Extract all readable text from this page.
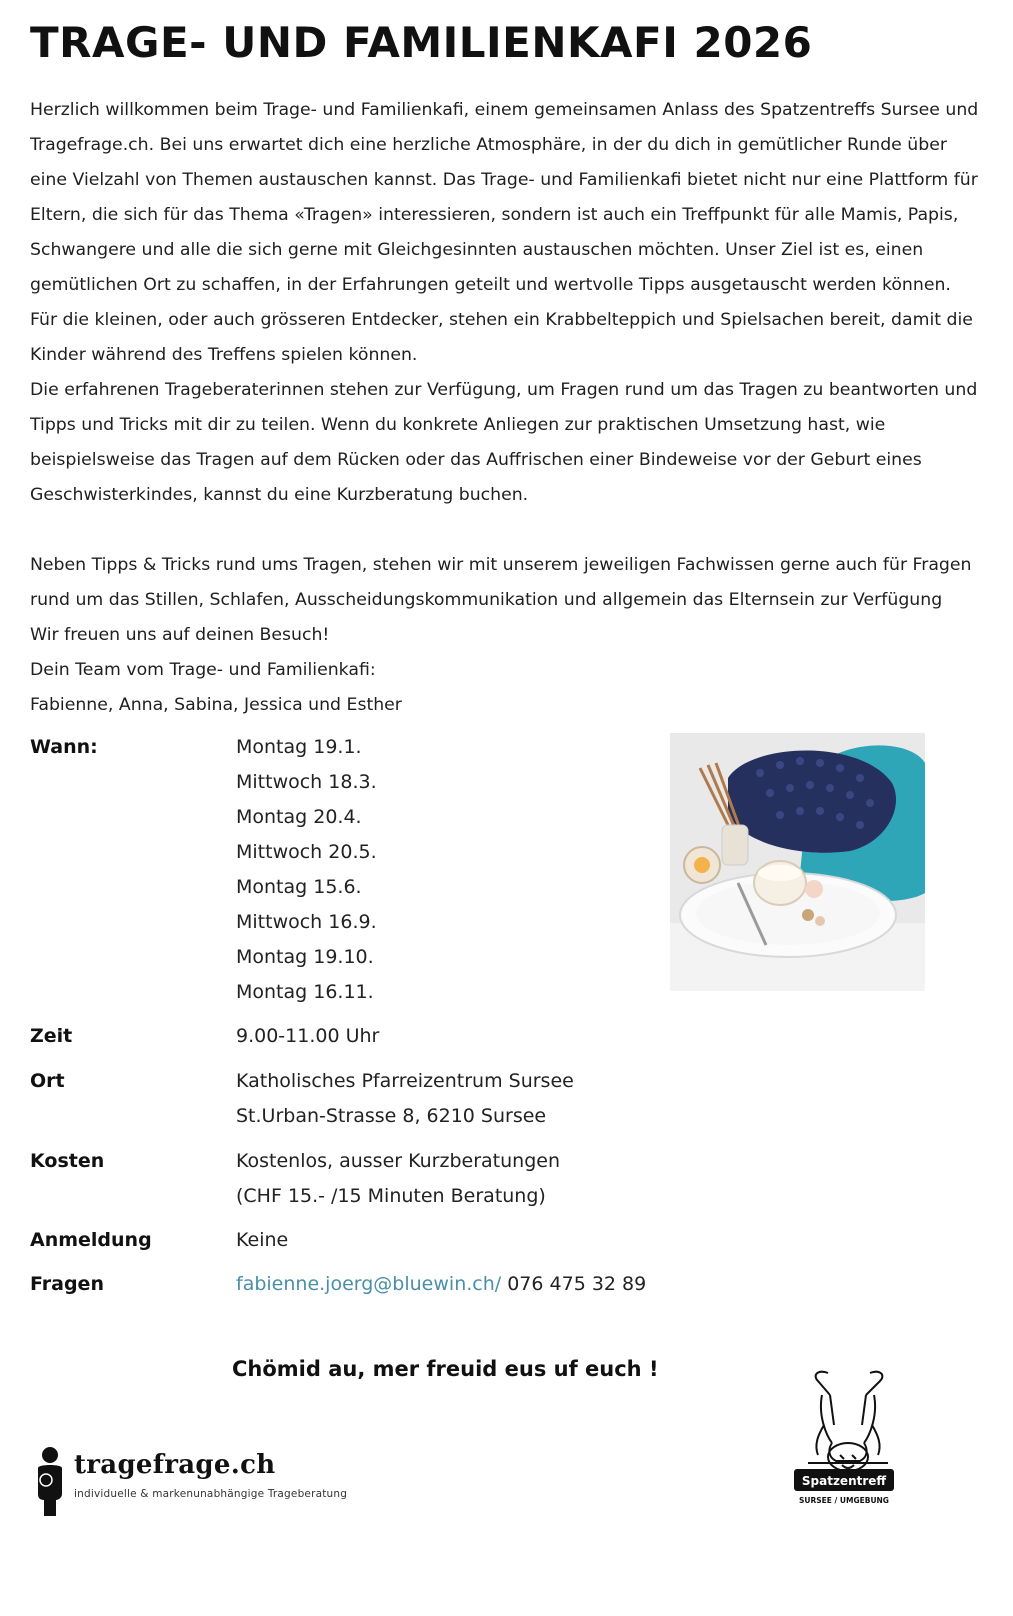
TRAGE- UND FAMILIENKAFI 2026

Herzlich willkommen beim Trage- und Familienkafi, einem gemeinsamen Anlass des Spatzentreffs Sursee und Tragefrage.ch. Bei uns erwartet dich eine herzliche Atmosphäre, in der du dich in gemütlicher Runde über eine Vielzahl von Themen austauschen kannst. Das Trage- und Familienkafi bietet nicht nur eine Plattform für Eltern, die sich für das Thema «Tragen» interessieren, sondern ist auch ein Treffpunkt für alle Mamis, Papis, Schwangere und alle die sich gerne mit Gleichgesinnten austauschen möchten. Unser Ziel ist es, einen gemütlichen Ort zu schaffen, in der Erfahrungen geteilt und wertvolle Tipps ausgetauscht werden können.

Für die kleinen, oder auch grösseren Entdecker, stehen ein Krabbelteppich und Spielsachen bereit, damit die Kinder während des Treffens spielen können.

Die erfahrenen Trageberaterinnen stehen zur Verfügung, um Fragen rund um das Tragen zu beantworten und Tipps und Tricks mit dir zu teilen. Wenn du konkrete Anliegen zur praktischen Umsetzung hast, wie beispielsweise das Tragen auf dem Rücken oder das Auffrischen einer Bindeweise vor der Geburt eines Geschwisterkindes, kannst du eine Kurzberatung buchen.

Neben Tipps & Tricks rund ums Tragen, stehen wir mit unserem jeweiligen Fachwissen gerne auch für Fragen rund um das Stillen, Schlafen, Ausscheidungskommunikation und allgemein das Elternsein zur Verfügung

Wir freuen uns auf deinen Besuch!

Dein Team vom Trage- und Familienkafi:

Fabienne, Anna, Sabina, Jessica und Esther

Wann:	Montag 19.1.
Mittwoch 18.3.
Montag 20.4.
Mittwoch 20.5.
Montag 15.6.
Mittwoch 16.9.
Montag 19.10.
Montag 16.11.
Zeit	9.00-11.00 Uhr
Ort	Katholisches Pfarreizentrum Sursee
St.Urban-Strasse 8, 6210 Sursee
Kosten	Kostenlos, ausser Kurzberatungen
(CHF 15.- /15 Minuten Beratung)
Anmeldung	Keine
Fragen	fabienne.joerg@bluewin.ch/ 076 475 32 89

Chömid au, mer freuid eus uf euch !

tragefrage.ch
individuelle & markenunabhängige Trageberatung
Spatzentreff
SURSEE / UMGEBUNG
